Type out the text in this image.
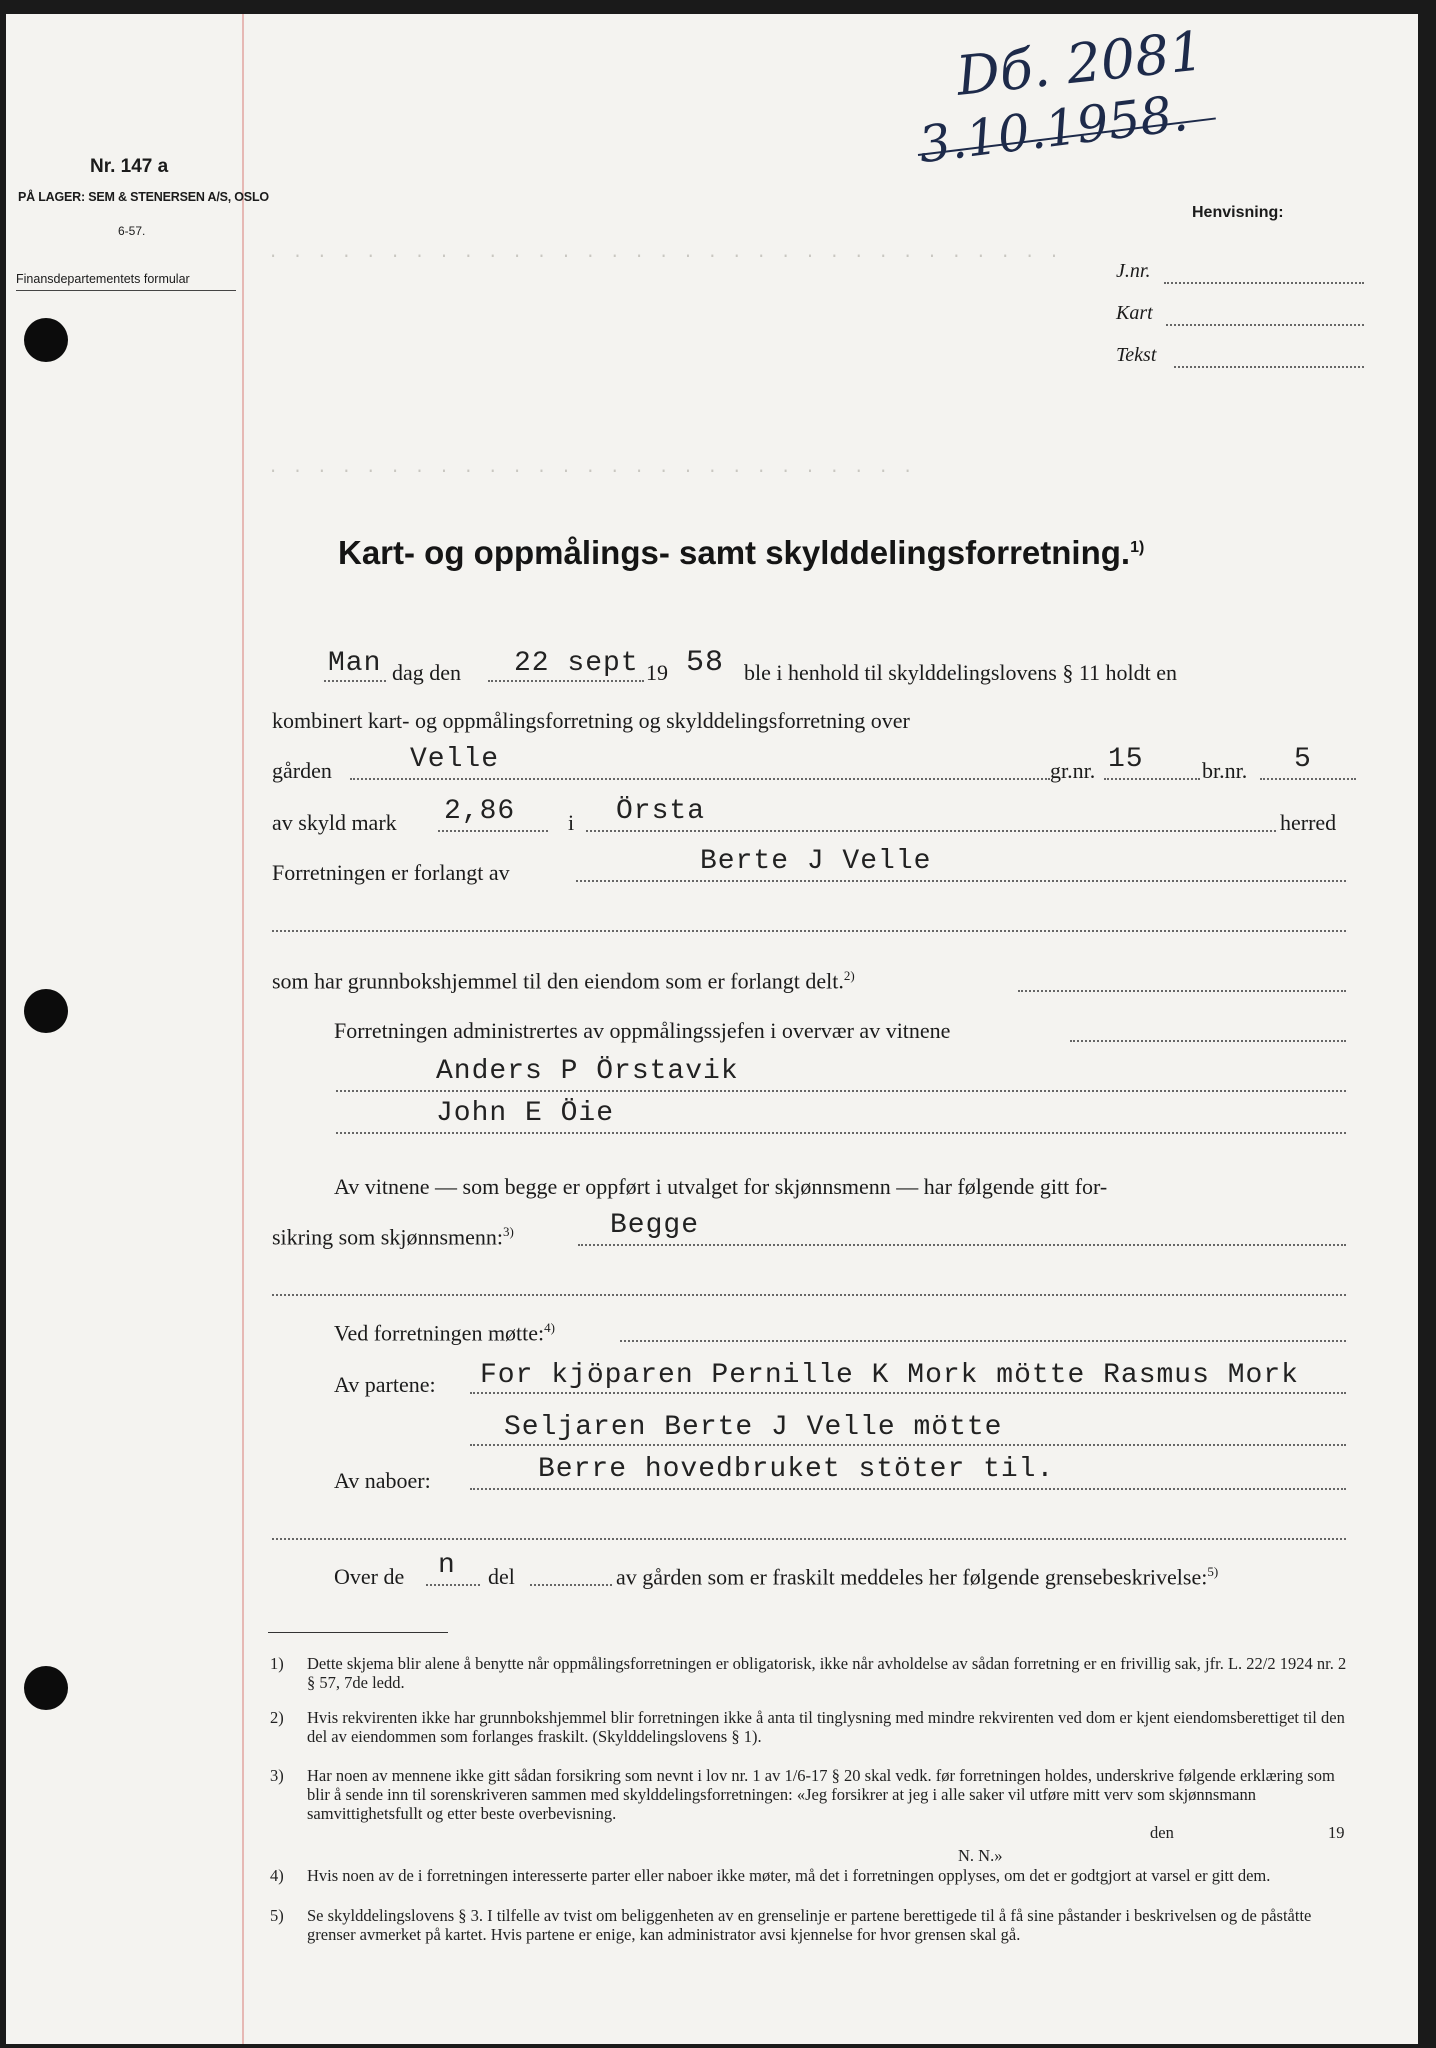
. . . . . . . . . . . . . . . . . . . . . . . . . . . . . . . . .
. . . . . . . . . . . . . . . . . . . . . . . . . . .
Nr. 147 a
PÅ LAGER: SEM & STENERSEN A/S, OSLO
6-57.
Finansdepartementets formular
Dб. 2081
3.10.1958.
Henvisning:
J.nr.
Kart
Tekst
Kart- og oppmålings- samt skylddelingsforretning.$^{1)}$
Man dag den 22 sept 19 58 ble i henhold til skylddelingslovens § 11 holdt en
kombinert kart- og oppmålingsforretning og skylddelingsforretning over
gården	Velle	gr.nr. 15	br.nr. 5
av skyld mark 2,86 i Örsta	herred
Forretningen er forlangt av	Berte J Velle
som har grunnbokshjemmel til den eiendom som er forlangt delt.$^{2)}$
Forretningen administrertes av oppmålingssjefen i overvær av vitnene
Anders P Örstavik
John E Öie
Av vitnene — som begge er oppført i utvalget for skjønnsmenn — har følgende gitt for-
sikring som skjønnsmenn:$^{3)}$	Begge
Ved forretningen møtte:$^{4)}$
Av partene: For kjöparen Pernille K Mork mötte Rasmus Mork
Seljaren Berte J Velle mötte
Av naboer:	Berre hovedbruket stöter til.
Over de n del	av gården som er fraskilt meddeles her følgende grensebeskrivelse:$^{5)}$
1) Dette skjema blir alene å benytte når oppmålingsforretningen er obligatorisk, ikke når avholdelse av sådan forretning er en frivillig sak, jfr. L. 22/2 1924 nr. 2 § 57, 7de ledd.
2) Hvis rekvirenten ikke har grunnbokshjemmel blir forretningen ikke å anta til tinglysning med mindre rekvirenten ved dom er kjent eiendomsberettiget til den del av eiendommen som forlanges fraskilt. (Skylddelingslovens § 1).
3) Har noen av mennene ikke gitt sådan forsikring som nevnt i lov nr. 1 av 1/6-17 § 20 skal vedk. før forretningen holdes, underskrive følgende erklæring som blir å sende inn til sorenskriveren sammen med skylddelingsforretningen: «Jeg forsikrer at jeg i alle saker vil utføre mitt verv som skjønnsmann samvittighetsfullt og etter beste overbevisning.
den	19
N. N.»
4) Hvis noen av de i forretningen interesserte parter eller naboer ikke møter, må det i forretningen opplyses, om det er godtgjort at varsel er gitt dem.
5) Se skylddelingslovens § 3. I tilfelle av tvist om beliggenheten av en grenselinje er partene berettigede til å få sine påstander i beskrivelsen og de påståtte grenser avmerket på kartet. Hvis partene er enige, kan administrator avsi kjennelse for hvor grensen skal gå.
